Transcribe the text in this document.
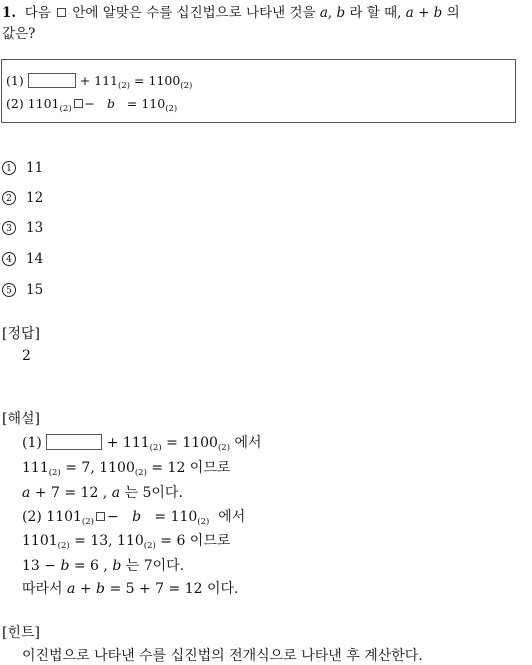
1. 다음 안에 알맞은 수를 십진법으로 나타낸 것을 a, b 라 할 때, a + b 의
값은?
(1)	+ $111_{(2)} = 1100_{(2)}$
(2) $1101_{(2)} - b = 110_{(2)}$
1 11
2 12
3 13
4 14
5 15
[정답]
2
[해설]
(1)	+ $111_{(2)} = 1100_{(2)}$ 에서
$111_{(2)} = 7$, $1100_{(2)} = 12$ 이므로
a + 7 = 12 , a 는 5이다.
(2) $1101_{(2)} - b = 110_{(2)}$ 에서
$1101_{(2)} = 13$, $110_{(2)} = 6$ 이므로
13 − b = 6 , b 는 7이다.
따라서 a + b = 5 + 7 = 12 이다.
[힌트]
이진법으로 나타낸 수를 십진법의 전개식으로 나타낸 후 계산한다.
